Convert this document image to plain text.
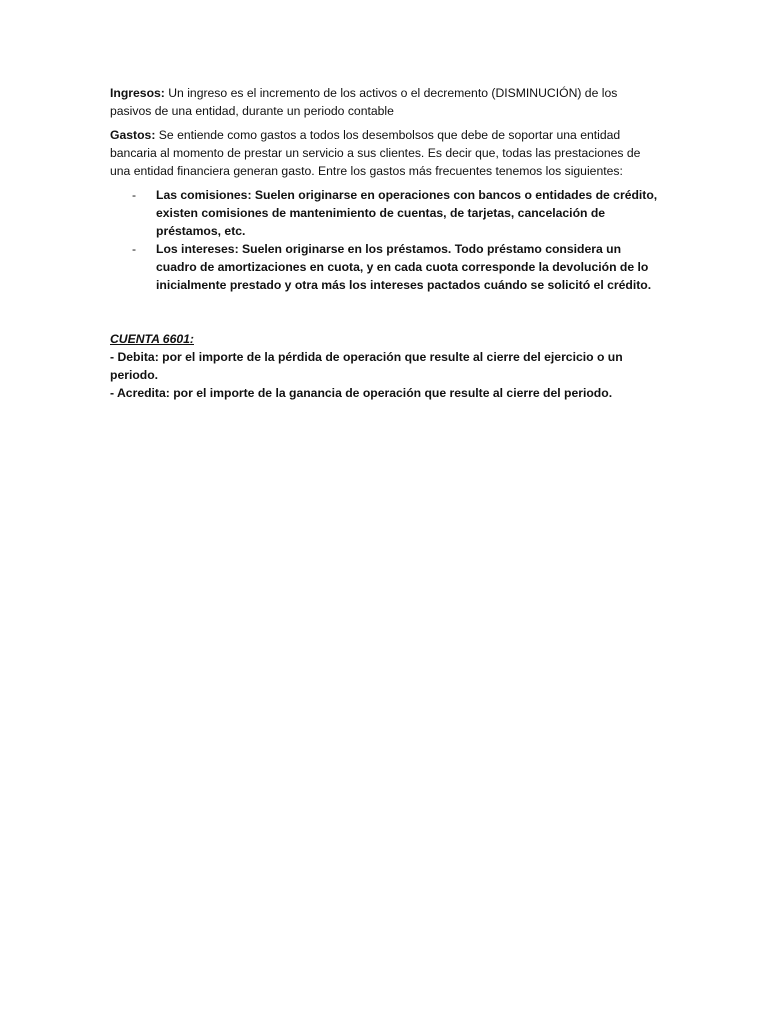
Ingresos: Un ingreso es el incremento de los activos o el decremento (DISMINUCIÓN) de los pasivos de una entidad, durante un periodo contable

Gastos: Se entiende como gastos a todos los desembolsos que debe de soportar una entidad bancaria al momento de prestar un servicio a sus clientes. Es decir que, todas las prestaciones de una entidad financiera generan gasto. Entre los gastos más frecuentes tenemos los siguientes:

- Las comisiones: Suelen originarse en operaciones con bancos o entidades de crédito, existen comisiones de mantenimiento de cuentas, de tarjetas, cancelación de préstamos, etc.
- Los intereses: Suelen originarse en los préstamos. Todo préstamo considera un cuadro de amortizaciones en cuota, y en cada cuota corresponde la devolución de lo inicialmente prestado y otra más los intereses pactados cuándo se solicitó el crédito.

CUENTA 6601:

- Debita: por el importe de la pérdida de operación que resulte al cierre del ejercicio o un periodo.

- Acredita: por el importe de la ganancia de operación que resulte al cierre del periodo.
